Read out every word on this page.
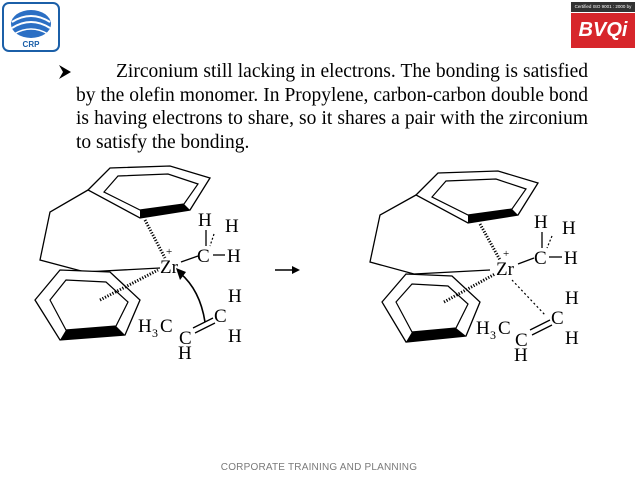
CRP
Certified ISO 9001 : 2000 by
BVQi
Zirconium still lacking in electrons. The bonding is satisfied by the olefin monomer. In Propylene, carbon-carbon double bond is having electrons to share, so it shares a pair with the zirconium to satisfy the bonding.
Zr
+ C H
H H
H 3 C
C
H
C
H
H
Zr
+ C H
H H
H 3 C
C
H
C
H
H
CORPORATE TRAINING AND PLANNING
